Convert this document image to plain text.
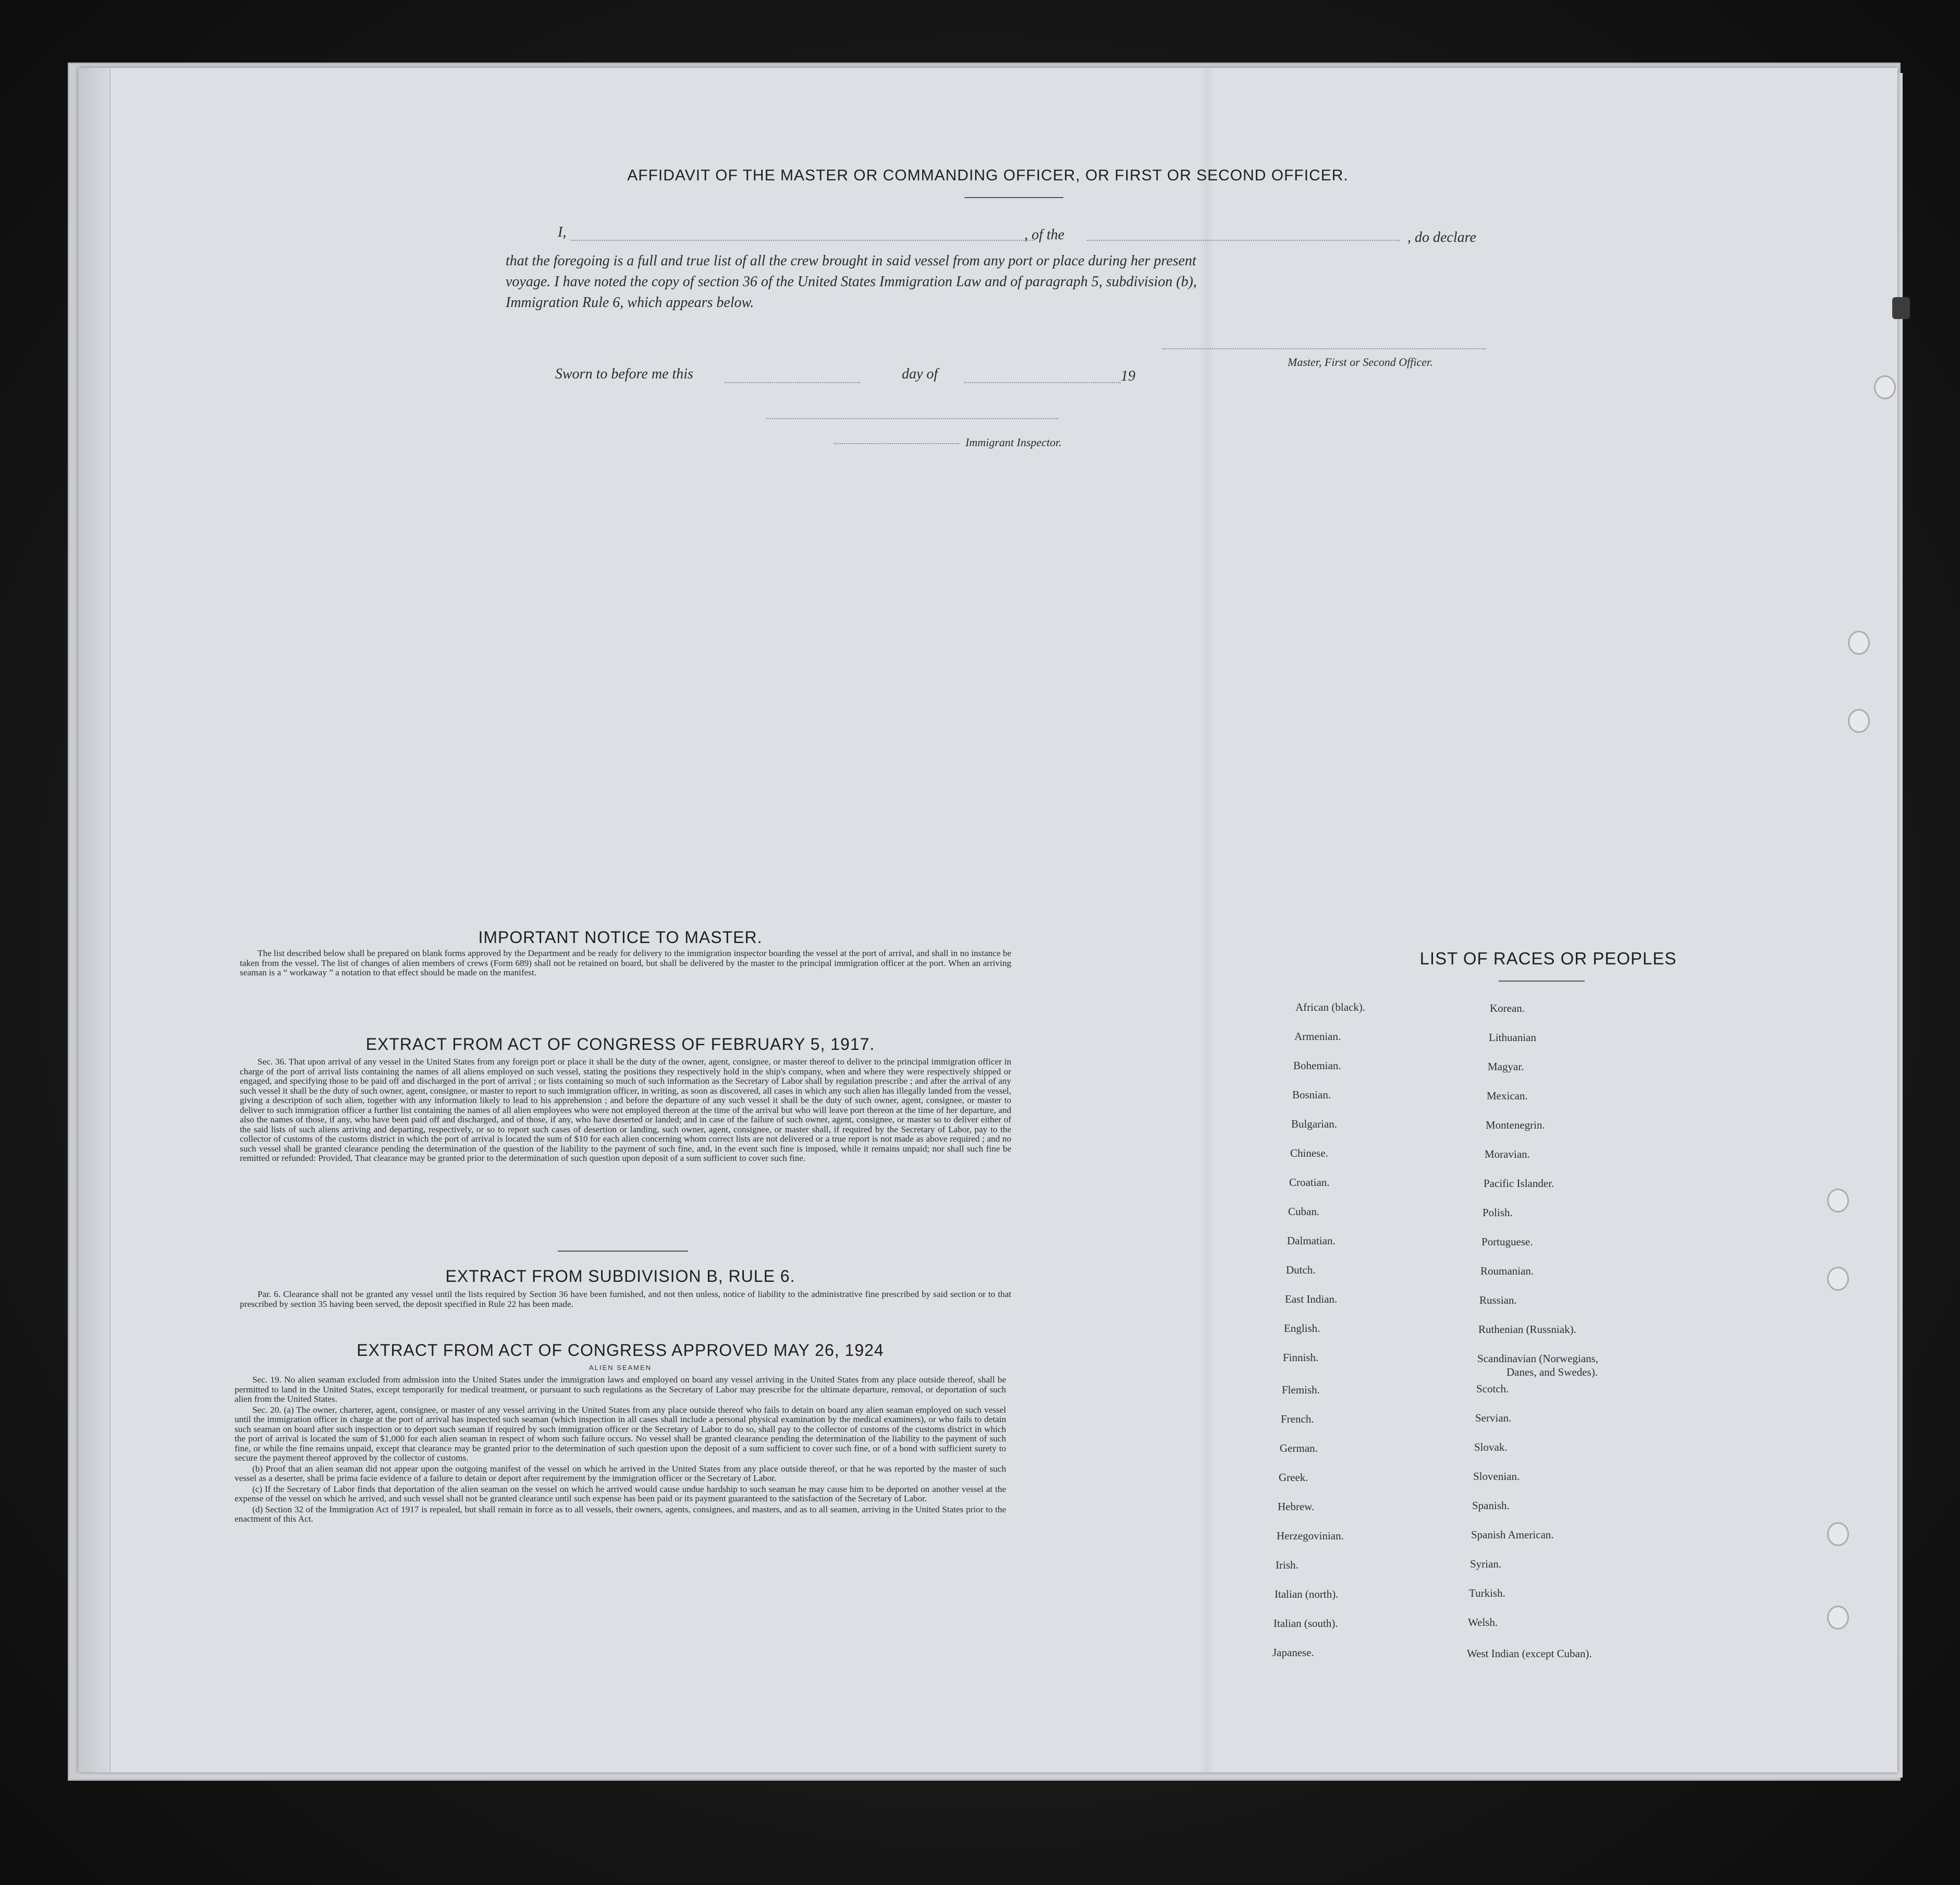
AFFIDAVIT OF THE MASTER OR COMMANDING OFFICER, OR FIRST OR SECOND OFFICER.
I,	, of the	, do declare
that the foregoing is a full and true list of all the crew brought in said vessel from any port or place during her present
voyage. I have noted the copy of section 36 of the United States Immigration Law and of paragraph 5, subdivision (b),
Immigration Rule 6, which appears below.
Master, First or Second Officer.
Sworn to before me this	day of	19
Immigrant Inspector.
IMPORTANT NOTICE TO MASTER.

The list described below shall be prepared on blank forms approved by the Department and be ready for delivery to the immigration inspector boarding the vessel at the port of arrival, and shall in no instance be taken from the vessel. The list of changes of alien members of crews (Form 689) shall not be retained on board, but shall be delivered by the master to the principal immigration officer at the port. When an arriving seaman is a “ workaway ” a notation to that effect should be made on the manifest.

EXTRACT FROM ACT OF CONGRESS OF FEBRUARY 5, 1917.

Sec. 36. That upon arrival of any vessel in the United States from any foreign port or place it shall be the duty of the owner, agent, consignee, or master thereof to deliver to the principal immigration officer in charge of the port of arrival lists containing the names of all aliens employed on such vessel, stating the positions they respectively hold in the ship's company, when and where they were respectively shipped or engaged, and specifying those to be paid off and discharged in the port of arrival ; or lists containing so much of such information as the Secretary of Labor shall by regulation prescribe ; and after the arrival of any such vessel it shall be the duty of such owner, agent, consignee, or master to report to such immigration officer, in writing, as soon as discovered, all cases in which any such alien has illegally landed from the vessel, giving a description of such alien, together with any information likely to lead to his apprehension ; and before the departure of any such vessel it shall be the duty of such owner, agent, consignee, or master to deliver to such immigration officer a further list containing the names of all alien employees who were not employed thereon at the time of the arrival but who will leave port thereon at the time of her departure, and also the names of those, if any, who have been paid off and discharged, and of those, if any, who have deserted or landed; and in case of the failure of such owner, agent, consignee, or master so to deliver either of the said lists of such aliens arriving and departing, respectively, or so to report such cases of desertion or landing, such owner, agent, consignee, or master shall, if required by the Secretary of Labor, pay to the collector of customs of the customs district in which the port of arrival is located the sum of $10 for each alien concerning whom correct lists are not delivered or a true report is not made as above required ; and no such vessel shall be granted clearance pending the determination of the question of the liability to the payment of such fine, and, in the event such fine is imposed, while it remains unpaid; nor shall such fine be remitted or refunded: Provided, That clearance may be granted prior to the determination of such question upon deposit of a sum sufficient to cover such fine.

EXTRACT FROM SUBDIVISION B, RULE 6.

Par. 6. Clearance shall not be granted any vessel until the lists required by Section 36 have been furnished, and not then unless, notice of liability to the administrative fine prescribed by said section or to that prescribed by section 35 having been served, the deposit specified in Rule 22 has been made.

EXTRACT FROM ACT OF CONGRESS APPROVED MAY 26, 1924
ALIEN SEAMEN

Sec. 19. No alien seaman excluded from admission into the United States under the immigration laws and employed on board any vessel arriving in the United States from any place outside thereof, shall be permitted to land in the United States, except temporarily for medical treatment, or pursuant to such regulations as the Secretary of Labor may prescribe for the ultimate departure, removal, or deportation of such alien from the United States.

Sec. 20. (a) The owner, charterer, agent, consignee, or master of any vessel arriving in the United States from any place outside thereof who fails to detain on board any alien seaman employed on such vessel until the immigration officer in charge at the port of arrival has inspected such seaman (which inspection in all cases shall include a personal physical examination by the medical examiners), or who fails to detain such seaman on board after such inspection or to deport such seaman if required by such immigration officer or the Secretary of Labor to do so, shall pay to the collector of customs of the customs district in which the port of arrival is located the sum of $1,000 for each alien seaman in respect of whom such failure occurs. No vessel shall be granted clearance pending the determination of the liability to the payment of such fine, or while the fine remains unpaid, except that clearance may be granted prior to the determination of such question upon the deposit of a sum sufficient to cover such fine, or of a bond with sufficient surety to secure the payment thereof approved by the collector of customs.

(b) Proof that an alien seaman did not appear upon the outgoing manifest of the vessel on which he arrived in the United States from any place outside thereof, or that he was reported by the master of such vessel as a deserter, shall be prima facie evidence of a failure to detain or deport after requirement by the immigration officer or the Secretary of Labor.

(c) If the Secretary of Labor finds that deportation of the alien seaman on the vessel on which he arrived would cause undue hardship to such seaman he may cause him to be deported on another vessel at the expense of the vessel on which he arrived, and such vessel shall not be granted clearance until such expense has been paid or its payment guaranteed to the satisfaction of the Secretary of Labor.

(d) Section 32 of the Immigration Act of 1917 is repealed, but shall remain in force as to all vessels, their owners, agents, consignees, and masters, and as to all seamen, arriving in the United States prior to the enactment of this Act.

LIST OF RACES OR PEOPLES
African (black).
Armenian.
Bohemian.
Bosnian.
Bulgarian.
Chinese.
Croatian.
Cuban.
Dalmatian.
Dutch.
East Indian.
English.
Finnish.
Flemish.
French.
German.
Greek.
Hebrew.
Herzegovinian.
Irish.
Italian (north).
Italian (south).
Japanese.
Korean.
Lithuanian
Magyar.
Mexican.
Montenegrin.
Moravian.
Pacific Islander.
Polish.
Portuguese.
Roumanian.
Russian.
Ruthenian (Russniak).
Scandinavian (Norwegians,
Danes, and Swedes).
Scotch.
Servian.
Slovak.
Slovenian.
Spanish.
Spanish American.
Syrian.
Turkish.
Welsh.
West Indian (except Cuban).
